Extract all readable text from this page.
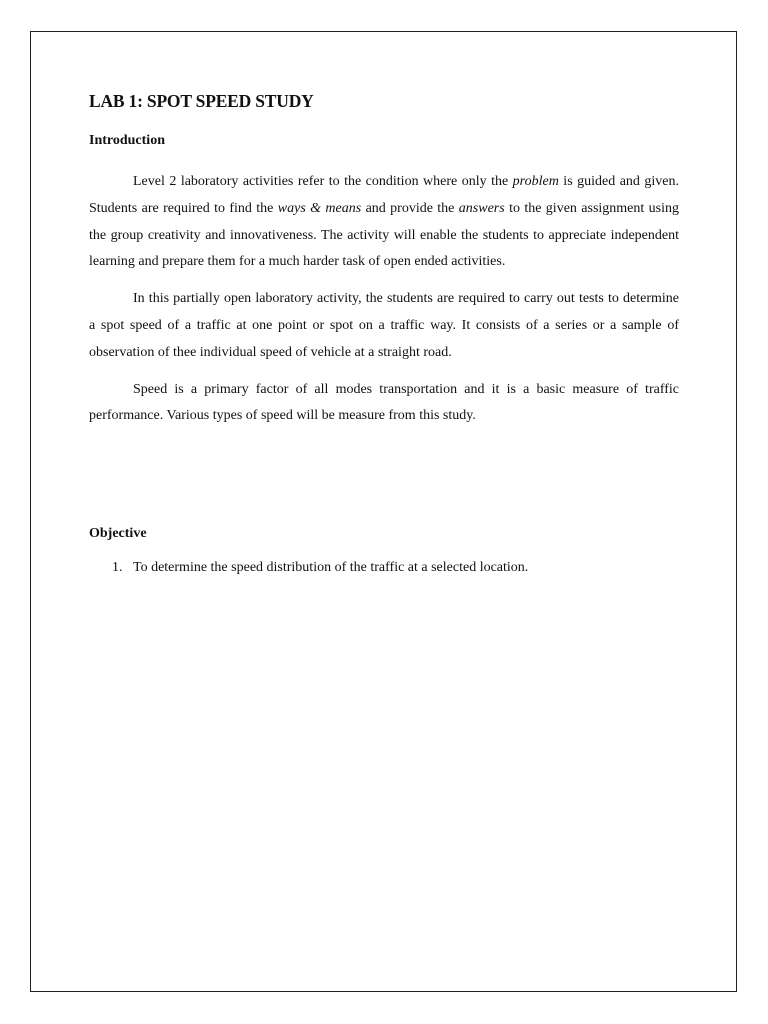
LAB 1: SPOT SPEED STUDY
Introduction

Level 2 laboratory activities refer to the condition where only the problem is guided and given. Students are required to find the ways & means and provide the answers to the given assignment using the group creativity and innovativeness. The activity will enable the students to appreciate independent learning and prepare them for a much harder task of open ended activities.

In this partially open laboratory activity, the students are required to carry out tests to determine a spot speed of a traffic at one point or spot on a traffic way. It consists of a series or a sample of observation of thee individual speed of vehicle at a straight road.

Speed is a primary factor of all modes transportation and it is a basic measure of traffic performance. Various types of speed will be measure from this study.

Objective
1. To determine the speed distribution of the traffic at a selected location.
